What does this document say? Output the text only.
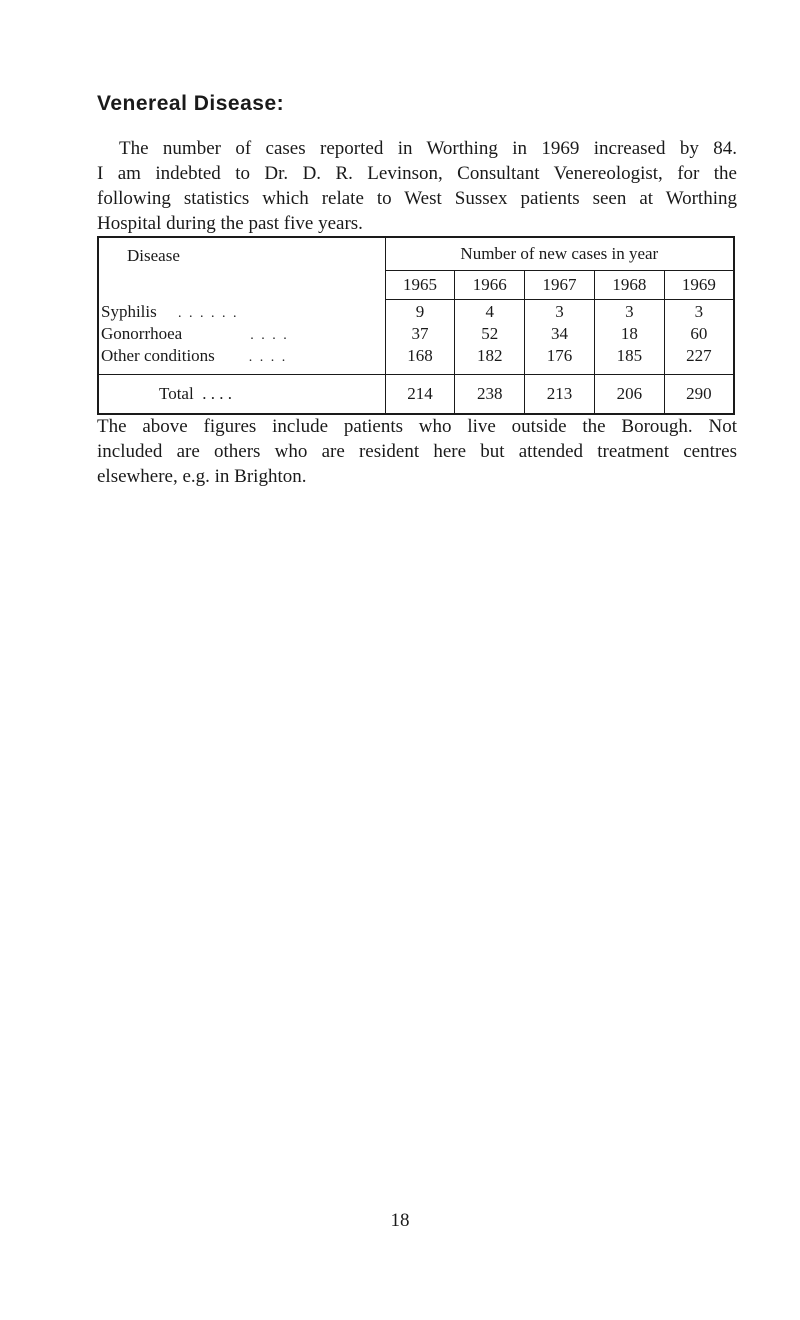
Venereal Disease:

The number of cases reported in Worthing in 1969 increased by 84.
I am indebted to Dr. D. R. Levinson, Consultant Venereologist, for the
following statistics which relate to West Sussex patients seen at Worthing
Hospital during the past five years.

Disease	Number of new cases in year				
	1965	1966	1967	1968	1969
Syphilis . . . . . .	9	4	3	3	3
Gonorrhoea . . . .	37	52	34	18	60
Other conditions . . . .	168	182	176	185	227
Total . . . .	214	238	213	206	290

The above figures include patients who live outside the Borough. Not
included are others who are resident here but attended treatment centres
elsewhere, e.g. in Brighton.

18
